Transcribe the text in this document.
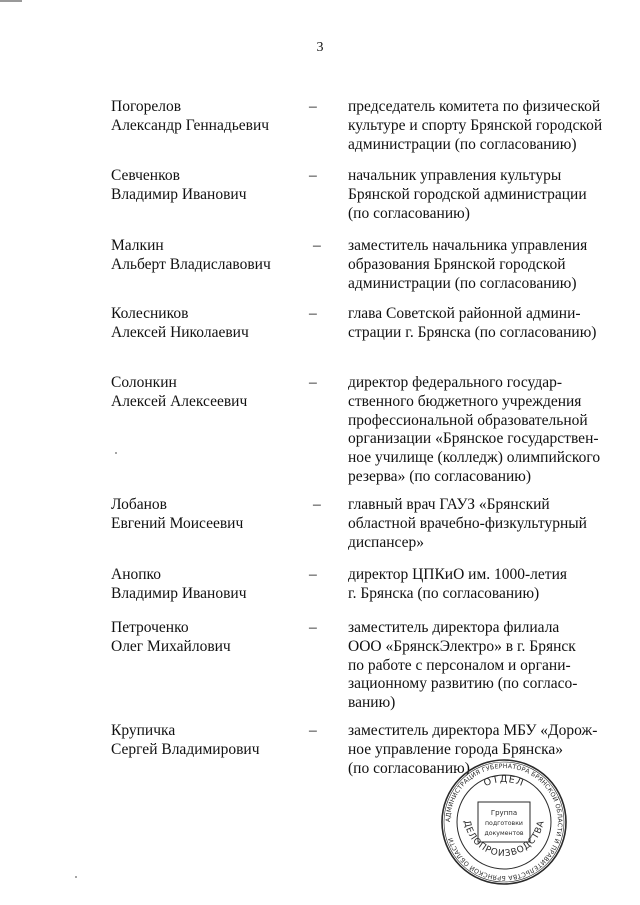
3
Погорелов
Александр Геннадьевич
– председатель комитета по физической
культуре и спорту Брянской городской
администрации (по согласованию)
Севченков
Владимир Иванович
– начальник управления культуры
Брянской городской администрации
(по согласованию)
Малкин
Альберт Владиславович
– заместитель начальника управления
образования Брянской городской
администрации (по согласованию)
Колесников
Алексей Николаевич
– глава Советской районной админи-
страции г. Брянска (по согласованию)
Солонкин
Алексей Алексеевич
– директор федерального государ-
ственного бюджетного учреждения
профессиональной образовательной
организации «Брянское государствен-
ное училище (колледж) олимпийского
резерва» (по согласованию)
Лобанов
Евгений Моисеевич
– главный врач ГАУЗ «Брянский
областной врачебно-физкультурный
диспансер»
Анопко
Владимир Иванович
– директор ЦПКиО им. 1000-летия
г. Брянска (по согласованию)
Петроченко
Олег Михайлович
– заместитель директора филиала
ООО «БрянскЭлектро» в г. Брянск
по работе с персоналом и органи-
зационному развитию (по согласо-
ванию)
Крупичка
Сергей Владимирович
– заместитель директора МБУ «Дорож-
ное управление города Брянска»
(по согласованию)
АДМИНИСТРАЦИЯ ГУБЕРНАТОРА БРЯНСКОЙ ОБЛАСТИ И ПРАВИТЕЛЬСТВА БРЯНСКОЙ ОБЛАСТИ
ОТДЕЛ
ДЕЛОПРОИЗВОДСТВА
Группа
подготовки
документов
